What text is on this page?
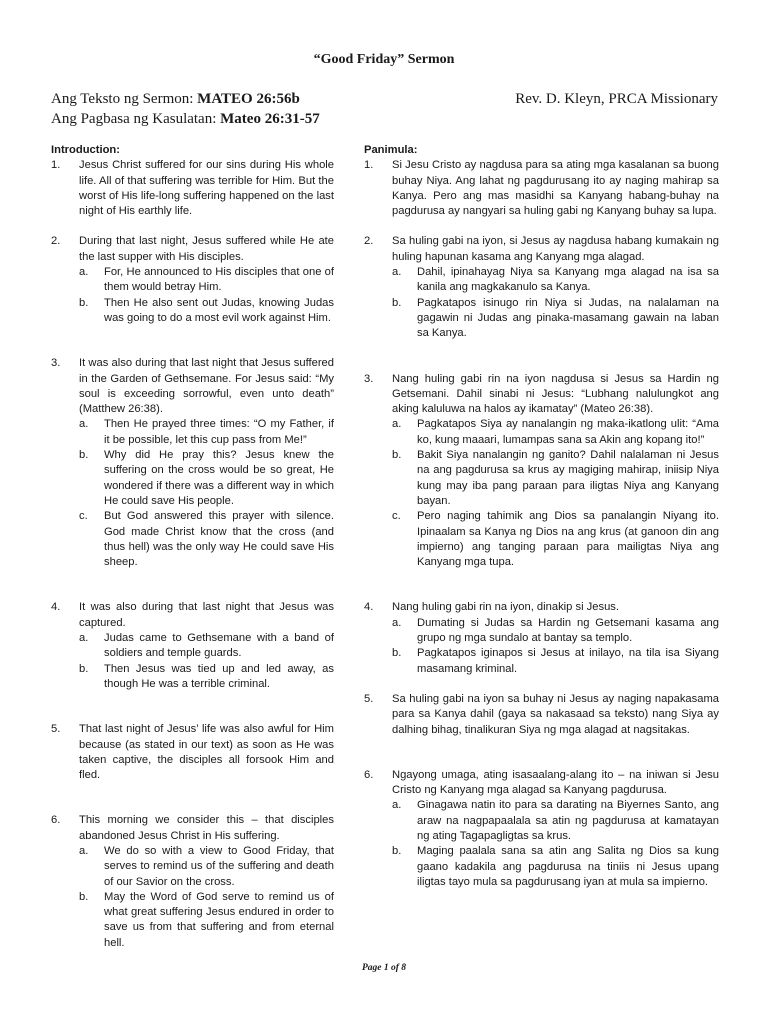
“Good Friday” Sermon
Ang Teksto ng Sermon: MATEO 26:56b
Ang Pagbasa ng Kasulatan: Mateo 26:31-57
Rev. D. Kleyn, PRCA Missionary
Introduction:
1. Jesus Christ suffered for our sins during His whole life. All of that suffering was terrible for Him. But the worst of His life-long suffering happened on the last night of His earthly life.
2. During that last night, Jesus suffered while He ate the last supper with His disciples.
a. For, He announced to His disciples that one of them would betray Him.
b. Then He also sent out Judas, knowing Judas was going to do a most evil work against Him.
3. It was also during that last night that Jesus suffered in the Garden of Gethsemane. For Jesus said: “My soul is exceeding sorrowful, even unto death” (Matthew 26:38).
a. Then He prayed three times: “O my Father, if it be possible, let this cup pass from Me!”
b. Why did He pray this? Jesus knew the suffering on the cross would be so great, He wondered if there was a different way in which He could save His people.
c. But God answered this prayer with silence. God made Christ know that the cross (and thus hell) was the only way He could save His sheep.
4. It was also during that last night that Jesus was captured.
a. Judas came to Gethsemane with a band of soldiers and temple guards.
b. Then Jesus was tied up and led away, as though He was a terrible criminal.
5. That last night of Jesus’ life was also awful for Him because (as stated in our text) as soon as He was taken captive, the disciples all forsook Him and fled.
6. This morning we consider this – that disciples abandoned Jesus Christ in His suffering.
a. We do so with a view to Good Friday, that serves to remind us of the suffering and death of our Savior on the cross.
b. May the Word of God serve to remind us of what great suffering Jesus endured in order to save us from that suffering and from eternal hell.
Panimula:
1. Si Jesu Cristo ay nagdusa para sa ating mga kasalanan sa buong buhay Niya. Ang lahat ng pagdurusang ito ay naging mahirap sa Kanya. Pero ang mas masidhi sa Kanyang habang-buhay na pagdurusa ay nangyari sa huling gabi ng Kanyang buhay sa lupa.
2. Sa huling gabi na iyon, si Jesus ay nagdusa habang kumakain ng huling hapunan kasama ang Kanyang mga alagad.
a. Dahil, ipinahayag Niya sa Kanyang mga alagad na isa sa kanila ang magkakanulo sa Kanya.
b. Pagkatapos isinugo rin Niya si Judas, na nalalaman na gagawin ni Judas ang pinaka-masamang gawain na laban sa Kanya.
3. Nang huling gabi rin na iyon nagdusa si Jesus sa Hardin ng Getsemani. Dahil sinabi ni Jesus: “Lubhang nalulungkot ang aking kaluluwa na halos ay ikamatay” (Mateo 26:38).
a. Pagkatapos Siya ay nanalangin ng maka-ikatlong ulit: “Ama ko, kung maaari, lumampas sana sa Akin ang kopang ito!”
b. Bakit Siya nanalangin ng ganito? Dahil nalalaman ni Jesus na ang pagdurusa sa krus ay magiging mahirap, iniisip Niya kung may iba pang paraan para iligtas Niya ang Kanyang bayan.
c. Pero naging tahimik ang Dios sa panalangin Niyang ito. Ipinaalam sa Kanya ng Dios na ang krus (at ganoon din ang impierno) ang tanging paraan para mailigtas Niya ang Kanyang mga tupa.
4. Nang huling gabi rin na iyon, dinakip si Jesus.
a. Dumating si Judas sa Hardin ng Getsemani kasama ang grupo ng mga sundalo at bantay sa templo.
b. Pagkatapos iginapos si Jesus at inilayo, na tila isa Siyang masamang kriminal.
5. Sa huling gabi na iyon sa buhay ni Jesus ay naging napakasama para sa Kanya dahil (gaya sa nakasaad sa teksto) nang Siya ay dalhing bihag, tinalikuran Siya ng mga alagad at nagsitakas.
6. Ngayong umaga, ating isasaalang-alang ito – na iniwan si Jesu Cristo ng Kanyang mga alagad sa Kanyang pagdurusa.
a. Ginagawa natin ito para sa darating na Biyernes Santo, ang araw na nagpapaalala sa atin ng pagdurusa at kamatayan ng ating Tagapagligtas sa krus.
b. Maging paalala sana sa atin ang Salita ng Dios sa kung gaano kadakila ang pagdurusa na tiniis ni Jesus upang iligtas tayo mula sa pagdurusang iyan at mula sa impierno.
Page 1 of 8
